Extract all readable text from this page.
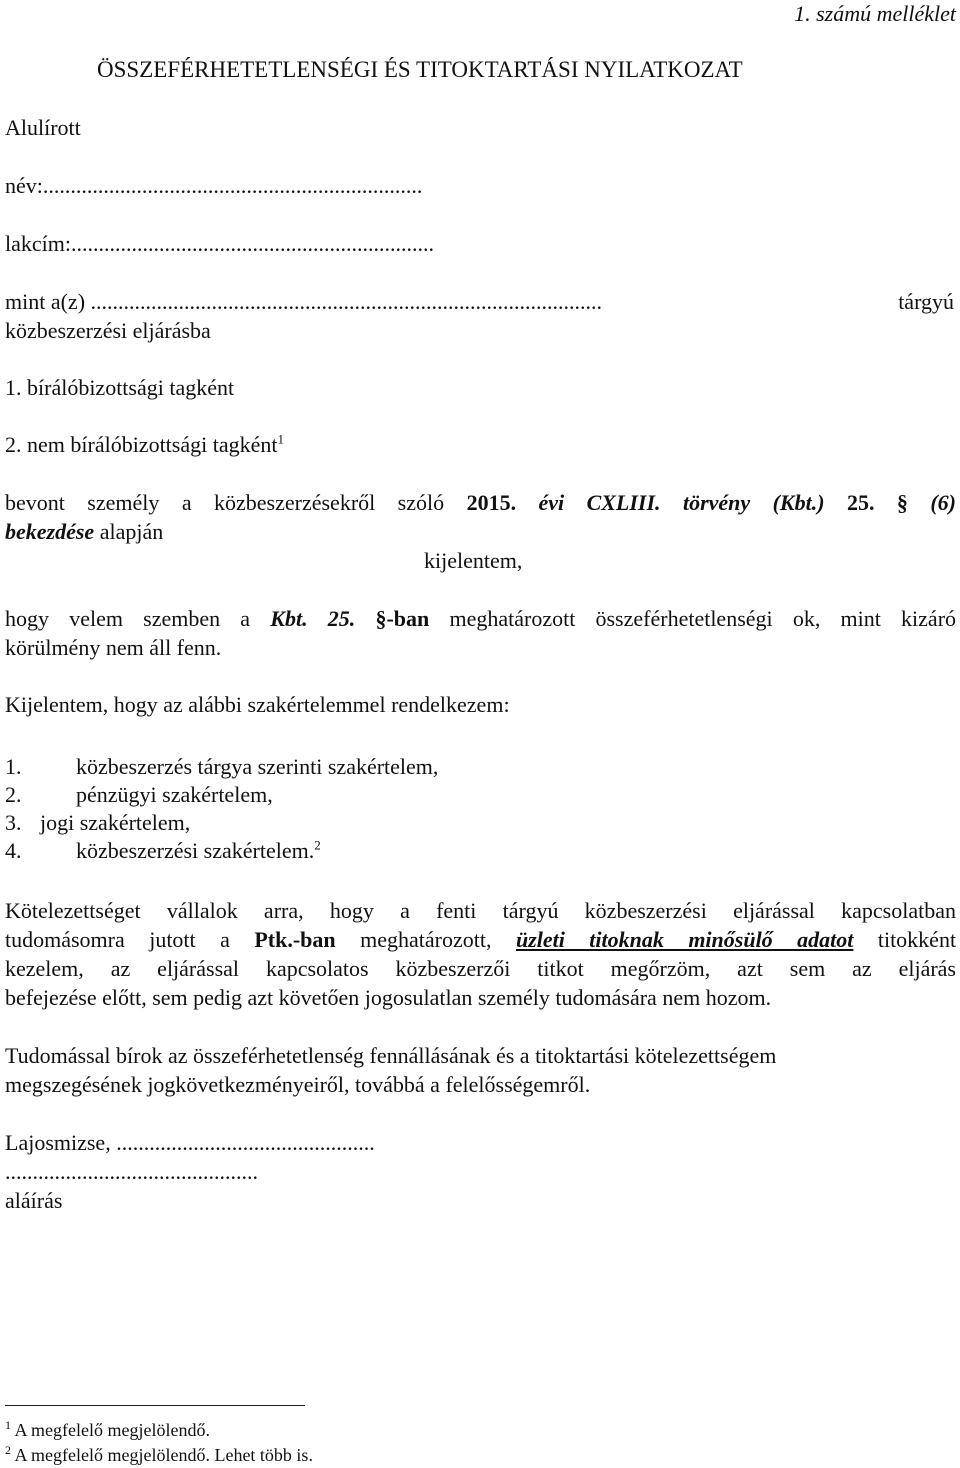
1. számú melléklet
ÖSSZEFÉRHETETLENSÉGI ÉS TITOKTARTÁSI NYILATKOZAT
Alulírott
név:.....................................................................
lakcím:..................................................................
mint a(z) .............................................................................................	tárgyú
közbeszerzési eljárásba
1. bírálóbizottsági tagként
2. nem bírálóbizottsági tagként$^1$
bevont személy a közbeszerzésekről szóló 2015. évi CXLIII. törvény (Kbt.) 25. § (6)
bekezdése alapján
kijelentem,
hogy velem szemben a Kbt. 25. §-ban meghatározott összeférhetetlenségi ok, mint kizáró
körülmény nem áll fenn.
Kijelentem, hogy az alábbi szakértelemmel rendelkezem:
1. közbeszerzés tárgya szerinti szakértelem,
2. pénzügyi szakértelem,
3. jogi szakértelem,
4. közbeszerzési szakértelem.$^2$
Kötelezettséget vállalok arra, hogy a fenti tárgyú közbeszerzési eljárással kapcsolatban
tudomásomra jutott a Ptk.-ban meghatározott, üzleti titoknak minősülő adatot titokként
kezelem, az eljárással kapcsolatos közbeszerzői titkot megőrzöm, azt sem az eljárás
befejezése előtt, sem pedig azt követően jogosulatlan személy tudomására nem hozom.
Tudomással bírok az összeférhetetlenség fennállásának és a titoktartási kötelezettségem
megszegésének jogkövetkezményeiről, továbbá a felelősségemről.
Lajosmizse, ...............................................
..............................................
aláírás
$^1$ A megfelelő megjelölendő.
$^2$ A megfelelő megjelölendő. Lehet több is.
